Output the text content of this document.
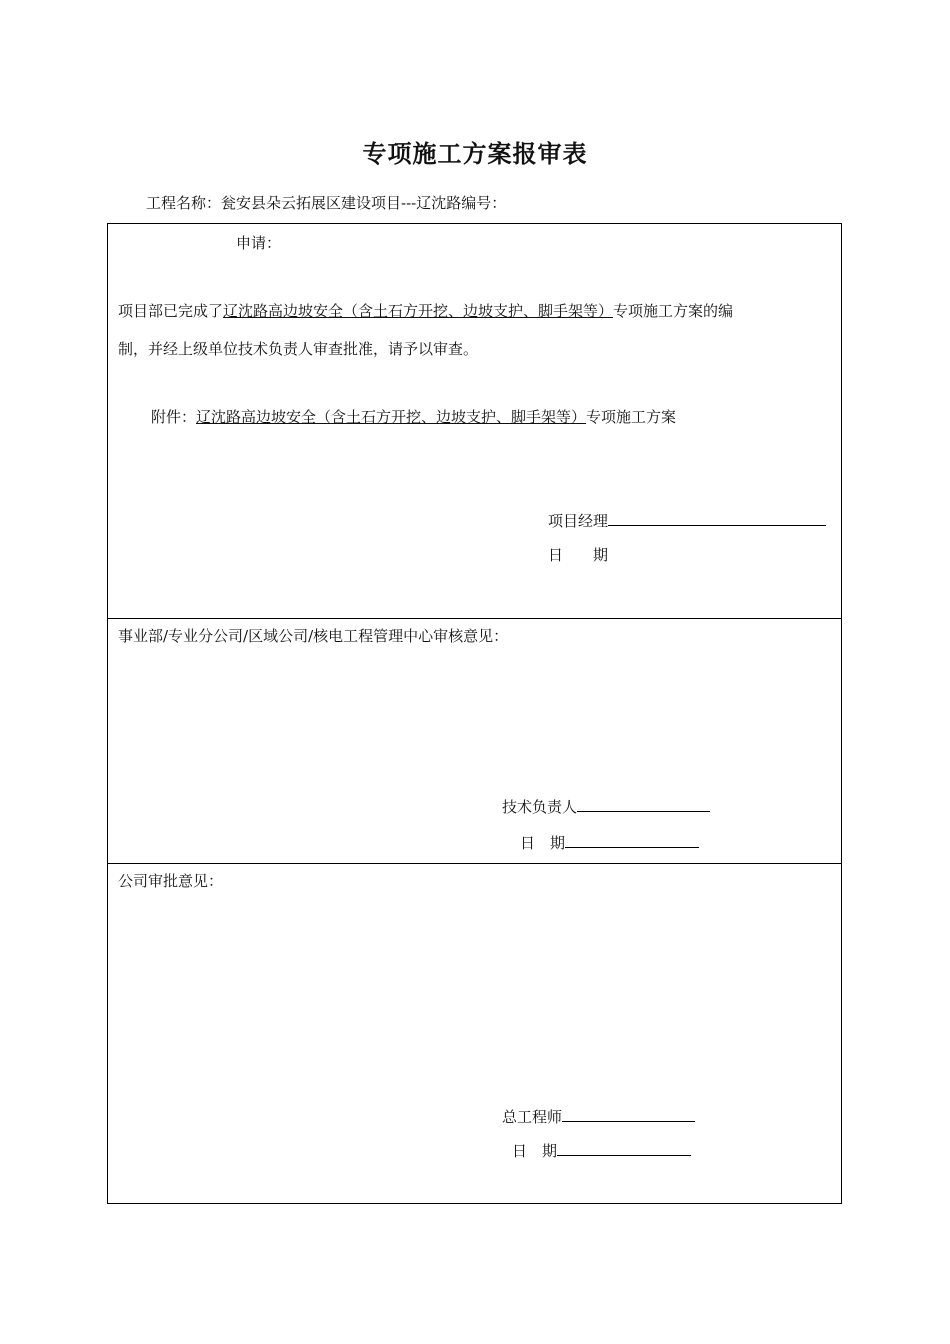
专项施工方案报审表
工程名称：瓮安县朵云拓展区建设项目---辽沈路编号：
申请：
项目部已完成了辽沈路高边坡安全（含土石方开挖、边坡支护、脚手架等）专项施工方案的编
制，并经上级单位技术负责人审查批准，请予以审查。
附件：辽沈路高边坡安全（含土石方开挖、边坡支护、脚手架等）专项施工方案
项目经理
日　　期
事业部/专业分公司/区域公司/核电工程管理中心审核意见：
技术负责人
日　期
公司审批意见：
总工程师
日　期
